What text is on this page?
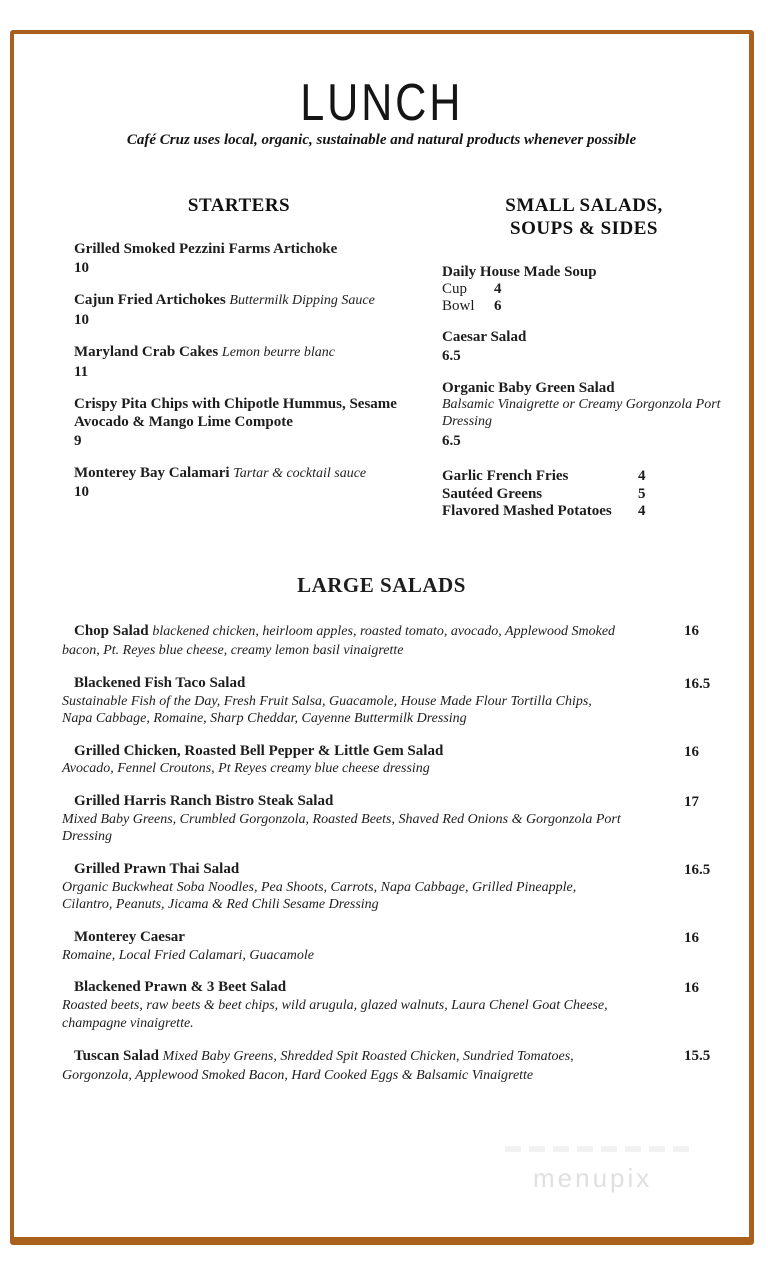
LUNCH
Café Cruz uses local, organic, sustainable and natural products whenever possible
STARTERS
Grilled Smoked Pezzini Farms Artichoke
10
Cajun Fried Artichokes Buttermilk Dipping Sauce
10
Maryland Crab Cakes Lemon beurre blanc
11
Crispy Pita Chips with Chipotle Hummus, Sesame Avocado & Mango Lime Compote
9
Monterey Bay Calamari Tartar & cocktail sauce
10
SMALL SALADS,
SOUPS & SIDES
Daily House Made Soup
Cup	4
Bowl	6
Caesar Salad
6.5
Organic Baby Green Salad
Balsamic Vinaigrette or Creamy Gorgonzola Port Dressing
6.5
Garlic French Fries	4
Sautéed Greens	5
Flavored Mashed Potatoes	4
LARGE SALADS
Chop Salad blackened chicken, heirloom apples, roasted tomato, avocado, Applewood Smoked bacon, Pt. Reyes blue cheese, creamy lemon basil vinaigrette
16
Blackened Fish Taco Salad
Sustainable Fish of the Day, Fresh Fruit Salsa, Guacamole, House Made Flour Tortilla Chips, Napa Cabbage, Romaine, Sharp Cheddar, Cayenne Buttermilk Dressing
16.5
Grilled Chicken, Roasted Bell Pepper & Little Gem Salad
Avocado, Fennel Croutons, Pt Reyes creamy blue cheese dressing
16
Grilled Harris Ranch Bistro Steak Salad
Mixed Baby Greens, Crumbled Gorgonzola, Roasted Beets, Shaved Red Onions & Gorgonzola Port Dressing
17
Grilled Prawn Thai Salad
Organic Buckwheat Soba Noodles, Pea Shoots, Carrots, Napa Cabbage, Grilled Pineapple, Cilantro, Peanuts, Jicama & Red Chili Sesame Dressing
16.5
Monterey Caesar
Romaine, Local Fried Calamari, Guacamole
16
Blackened Prawn & 3 Beet Salad
Roasted beets, raw beets & beet chips, wild arugula, glazed walnuts, Laura Chenel Goat Cheese, champagne vinaigrette.
16
Tuscan Salad Mixed Baby Greens, Shredded Spit Roasted Chicken, Sundried Tomatoes, Gorgonzola, Applewood Smoked Bacon, Hard Cooked Eggs & Balsamic Vinaigrette
15.5
menupix
